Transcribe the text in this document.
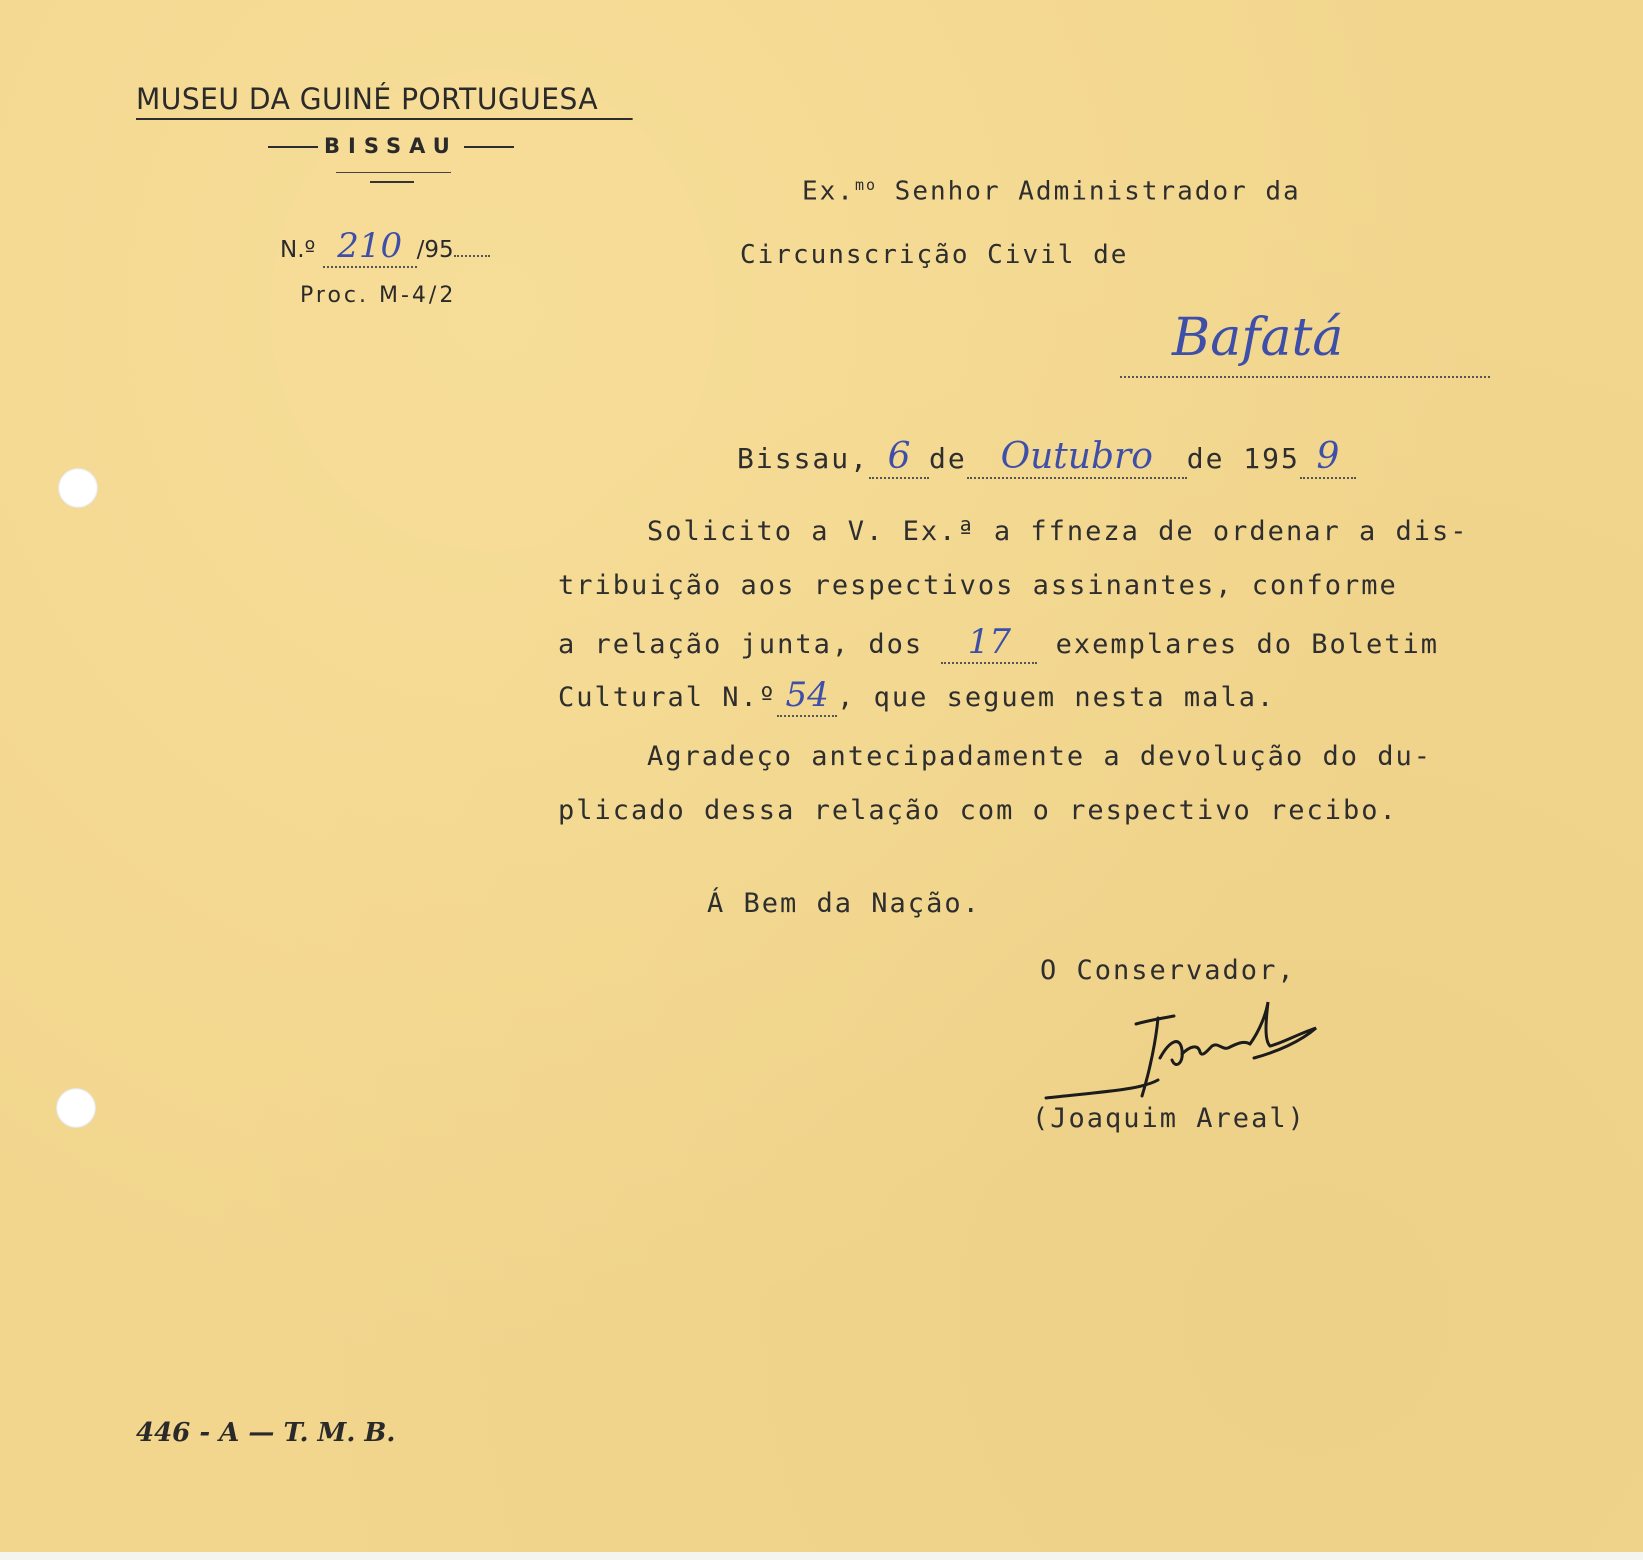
MUSEU DA GUINÉ PORTUGUESA
BISSAU
N.º 210 /95
Proc. M-4/2
Ex.$^{mo}$ Senhor Administrador da
Circunscrição Civil de
Bafatá
Bissau, 6 de Outubro de 195 9
Solicito a V. Ex.ª a ffneza de ordenar a dis-
tribuição aos respectivos assinantes, conforme
a relação junta, dos 17 exemplares do Boletim
Cultural N.º 54 , que seguem nesta mala.
Agradeço antecipadamente a devolução do du-
plicado dessa relação com o respectivo recibo.
Á Bem da Nação.
O Conservador,
(Joaquim Areal)
446 - A — T. M. B.
